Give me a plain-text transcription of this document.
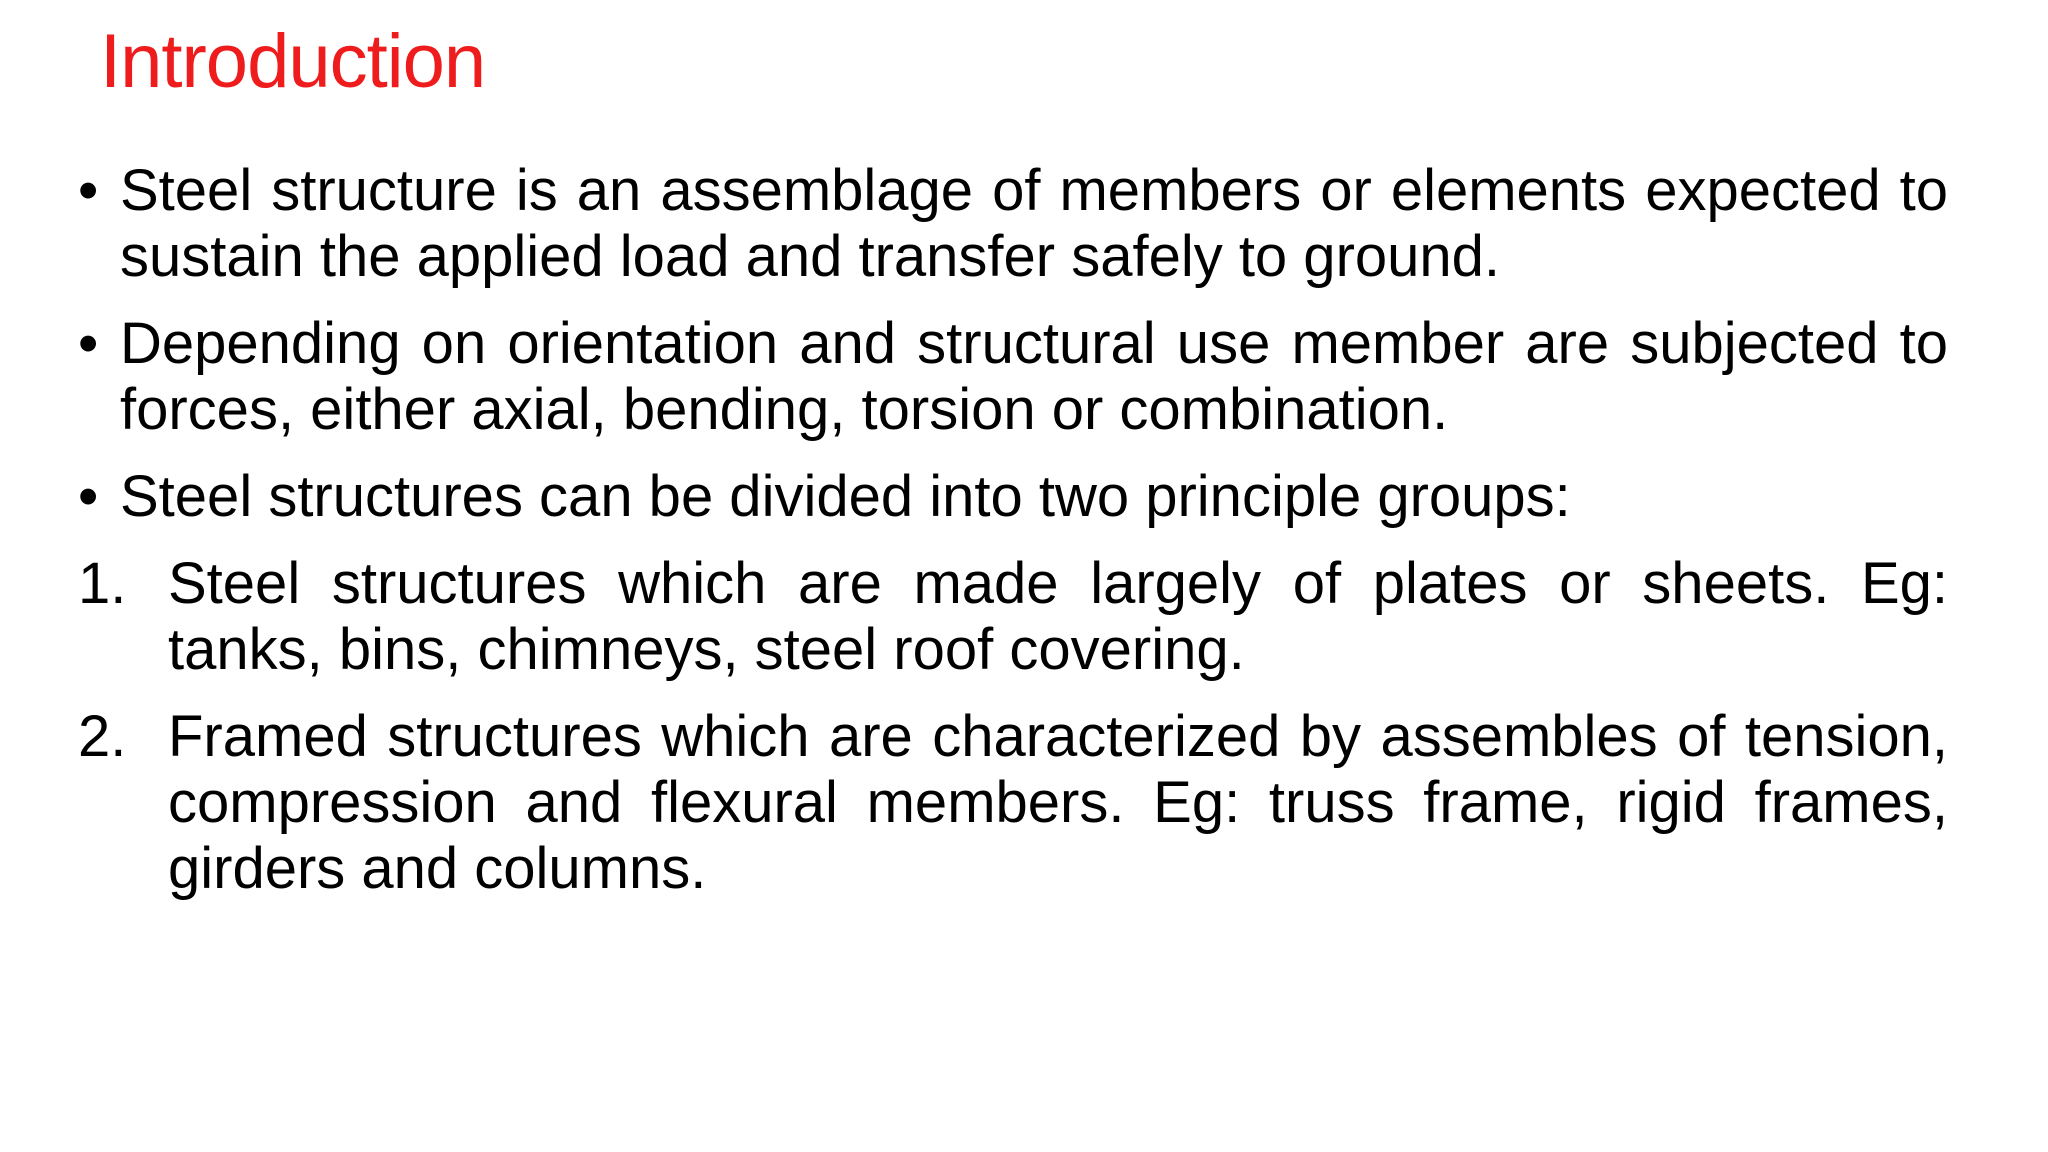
Introduction
• Steel structure is an assemblage of members or elements expected to sustain the applied load and transfer safely to ground.
• Depending on orientation and structural use member are subjected to forces, either axial, bending, torsion or combination.
• Steel structures can be divided into two principle groups:
1. Steel structures which are made largely of plates or sheets. Eg: tanks, bins, chimneys, steel roof covering.
2. Framed structures which are characterized by assembles of tension, compression and flexural members. Eg: truss frame, rigid frames, girders and columns.
